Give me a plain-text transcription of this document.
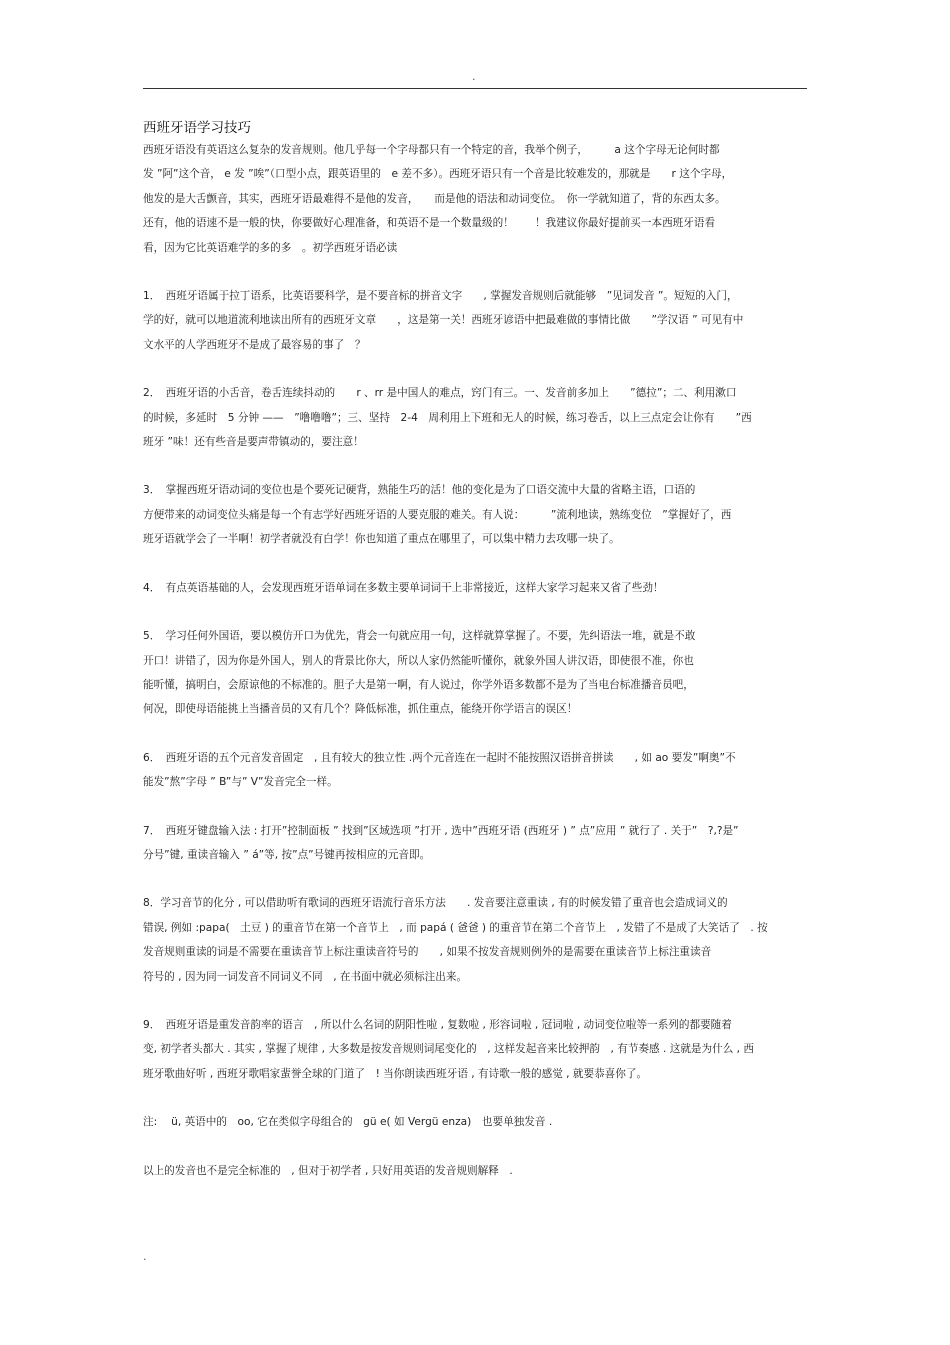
.
西班牙语学习技巧
西班牙语没有英语这么复杂的发音规则。他几乎每一个字母都只有一个特定的音，我举个例子，　　　a 这个字母无论何时都
发 ”阿”这个音， e 发 ”唉”（口型小点，跟英语里的　e 差不多）。西班牙语只有一个音是比较难发的，那就是　　r 这个字母，
他发的是大舌颤音，其实，西班牙语最难得不是他的发音，　　而是他的语法和动词变位。　你一学就知道了，背的东西太多。
还有，他的语速不是一般的快，你要做好心理准备，和英语不是一个数量级的！　　！我建议你最好提前买一本西班牙语看
看，因为它比英语难学的多的多　。初学西班牙语必读
1．　西班牙语属于拉丁语系，比英语要科学，是不要音标的拼音文字　　, 掌握发音规则后就能够　”见词发音 ”。短短的入门，
学的好，就可以地道流利地读出所有的西班牙文章　　，这是第一关！西班牙谚语中把最难做的事情比做　　”学汉语 ” 可见有中
文水平的人学西班牙不是成了最容易的事了　？
2．　西班牙语的小舌音，卷舌连续抖动的　　r 、rr 是中国人的难点，窍门有三。一、发音前多加上　　”德拉”；二、利用漱口
的时候，多延时　5 分钟 ——　”噜噜噜”；三、坚持　2-4　周利用上下班和无人的时候，练习卷舌，以上三点定会让你有　　”西
班牙 ”味！还有些音是要声带镇动的，要注意！
3．　掌握西班牙语动词的变位也是个要死记硬背，熟能生巧的活！他的变化是为了口语交流中大量的省略主语，口语的
方便带来的动词变位头痛是每一个有志学好西班牙语的人要克服的难关。有人说：　　　”流利地读，熟练变位　”掌握好了，西
班牙语就学会了一半啊！初学者就没有白学！你也知道了重点在哪里了，可以集中精力去攻哪一块了。
4．　有点英语基础的人，会发现西班牙语单词在多数主要单词词干上非常接近，这样大家学习起来又省了些劲！
5．　学习任何外国语，要以模仿开口为优先，背会一句就应用一句，这样就算掌握了。不要，先纠语法一堆，就是不敢
开口！讲错了，因为你是外国人，别人的背景比你大，所以人家仍然能听懂你，就象外国人讲汉语，即使很不准，你也
能听懂，搞明白，会原谅他的不标准的。胆子大是第一啊，有人说过，你学外语多数都不是为了当电台标准播音员吧，
何况，即使母语能挑上当播音员的又有几个？降低标准，抓住重点，能绕开你学语言的误区！
6．　西班牙语的五个元音发音固定　, 且有较大的独立性 .两个元音连在一起时不能按照汉语拼音拼读　　, 如 ao 要发”啊奥”不
能发”熬”字母 ” B”与” V”发音完全一样。
7．　西班牙键盘输入法 : 打开”控制面板 ” 找到”区域选项 ”打开 , 选中”西班牙语 (西班牙 ) ” 点”应用 ” 就行了 . 关于”　?,?是”
分号”键, 重读音输入 ” á”等, 按”点”号键再按相应的元音即。
8．学习音节的化分 , 可以借助听有歌词的西班牙语流行音乐方法　　. 发音要注意重读 , 有的时候发错了重音也会造成词义的
错误, 例如 :papa(　土豆 ) 的重音节在第一个音节上　, 而 papá ( 爸爸 ) 的重音节在第二个音节上　, 发错了不是成了大笑话了　. 按
发音规则重读的词是不需要在重读音节上标注重读音符号的　　, 如果不按发音规则例外的是需要在重读音节上标注重读音
符号的 , 因为同一词发音不同词义不同　, 在书面中就必须标注出来。
9．　西班牙语是重发音韵率的语言　, 所以什么名词的阴阳性啦 , 复数啦 , 形容词啦 , 冠词啦 , 动词变位啦等一系列的都要随着
变, 初学者头都大 . 其实 , 掌握了规律 , 大多数是按发音规则词尾变化的　, 这样发起音来比较押韵　, 有节奏感 . 这就是为什么 , 西
班牙歌曲好听 , 西班牙歌唱家蜚誉全球的门道了　! 当你朗读西班牙语 , 有诗歌一般的感觉 , 就要恭喜你了。
注:　 ü, 英语中的　oo, 它在类似字母组合的　gü e( 如 Vergü enza)　也要单独发音 .
以上的发音也不是完全标准的　, 但对于初学者 , 只好用英语的发音规则解释　.
.
